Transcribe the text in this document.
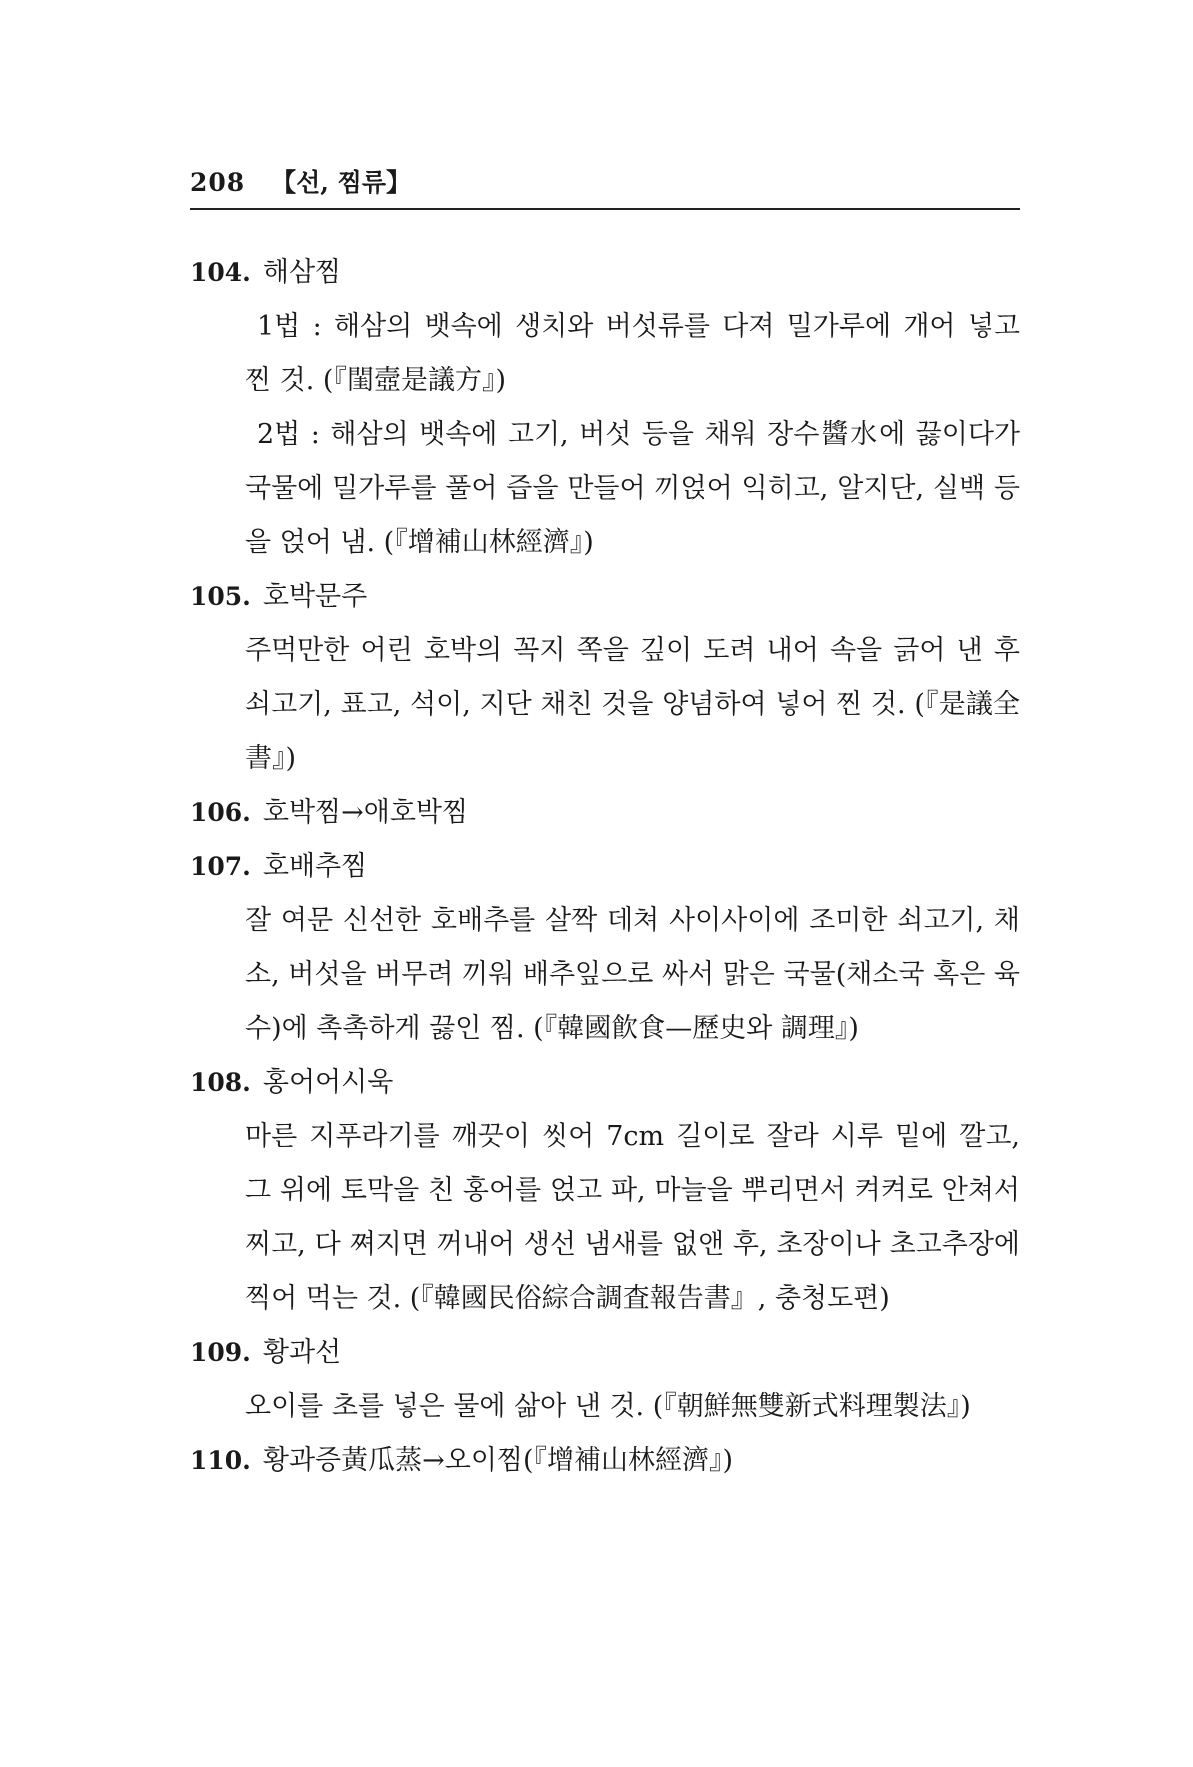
208 【선, 찜류】
104. 해삼찜
1법 : 해삼의 뱃속에 생치와 버섯류를 다져 밀가루에 개어 넣고 찐 것. (『閨壼是議方』)
2법 : 해삼의 뱃속에 고기, 버섯 등을 채워 장수醬水에 끓이다가 국물에 밀가루를 풀어 즙을 만들어 끼얹어 익히고, 알지단, 실백 등을 얹어 냄. (『增補山林經濟』)
105. 호박문주
주먹만한 어린 호박의 꼭지 쪽을 깊이 도려 내어 속을 긁어 낸 후 쇠고기, 표고, 석이, 지단 채친 것을 양념하여 넣어 찐 것. (『是議全書』)
106. 호박찜→애호박찜
107. 호배추찜
잘 여문 신선한 호배추를 살짝 데쳐 사이사이에 조미한 쇠고기, 채소, 버섯을 버무려 끼워 배추잎으로 싸서 맑은 국물(채소국 혹은 육수)에 촉촉하게 끓인 찜. (『韓國飮食—歷史와 調理』)
108. 홍어어시욱
마른 지푸라기를 깨끗이 씻어 7cm 길이로 잘라 시루 밑에 깔고, 그 위에 토막을 친 홍어를 얹고 파, 마늘을 뿌리면서 켜켜로 안쳐서 찌고, 다 쪄지면 꺼내어 생선 냄새를 없앤 후, 초장이나 초고추장에 찍어 먹는 것. (『韓國民俗綜合調査報告書』, 충청도편)
109. 황과선
오이를 초를 넣은 물에 삶아 낸 것. (『朝鮮無雙新式料理製法』)
110. 황과증黃瓜蒸→오이찜(『增補山林經濟』)
